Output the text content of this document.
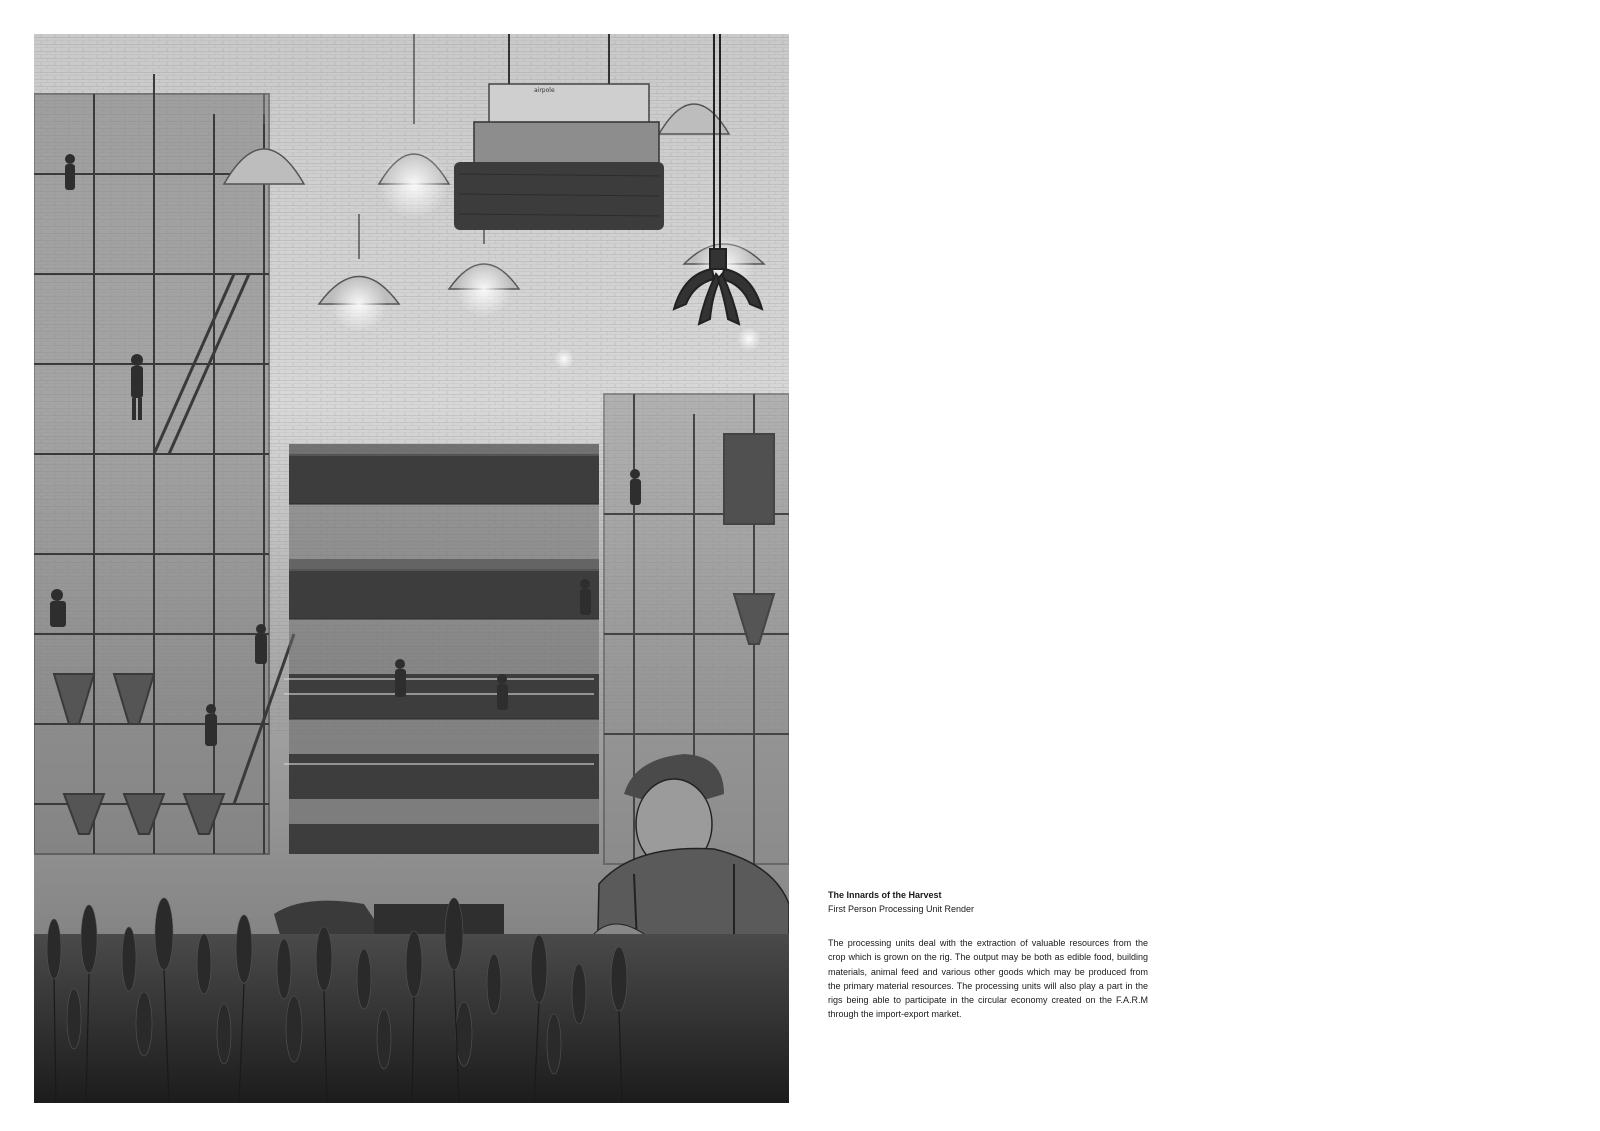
airpole

The Innards of the Harvest

First Person Processing Unit Render

The processing units deal with the extraction of valuable resources from the crop which is grown on the rig. The output may be both as edible food, building materials, animal feed and various other goods which may be produced from the primary material resources. The processing units will also play a part in the rigs being able to participate in the circular economy created on the F.A.R.M through the import-export market.
